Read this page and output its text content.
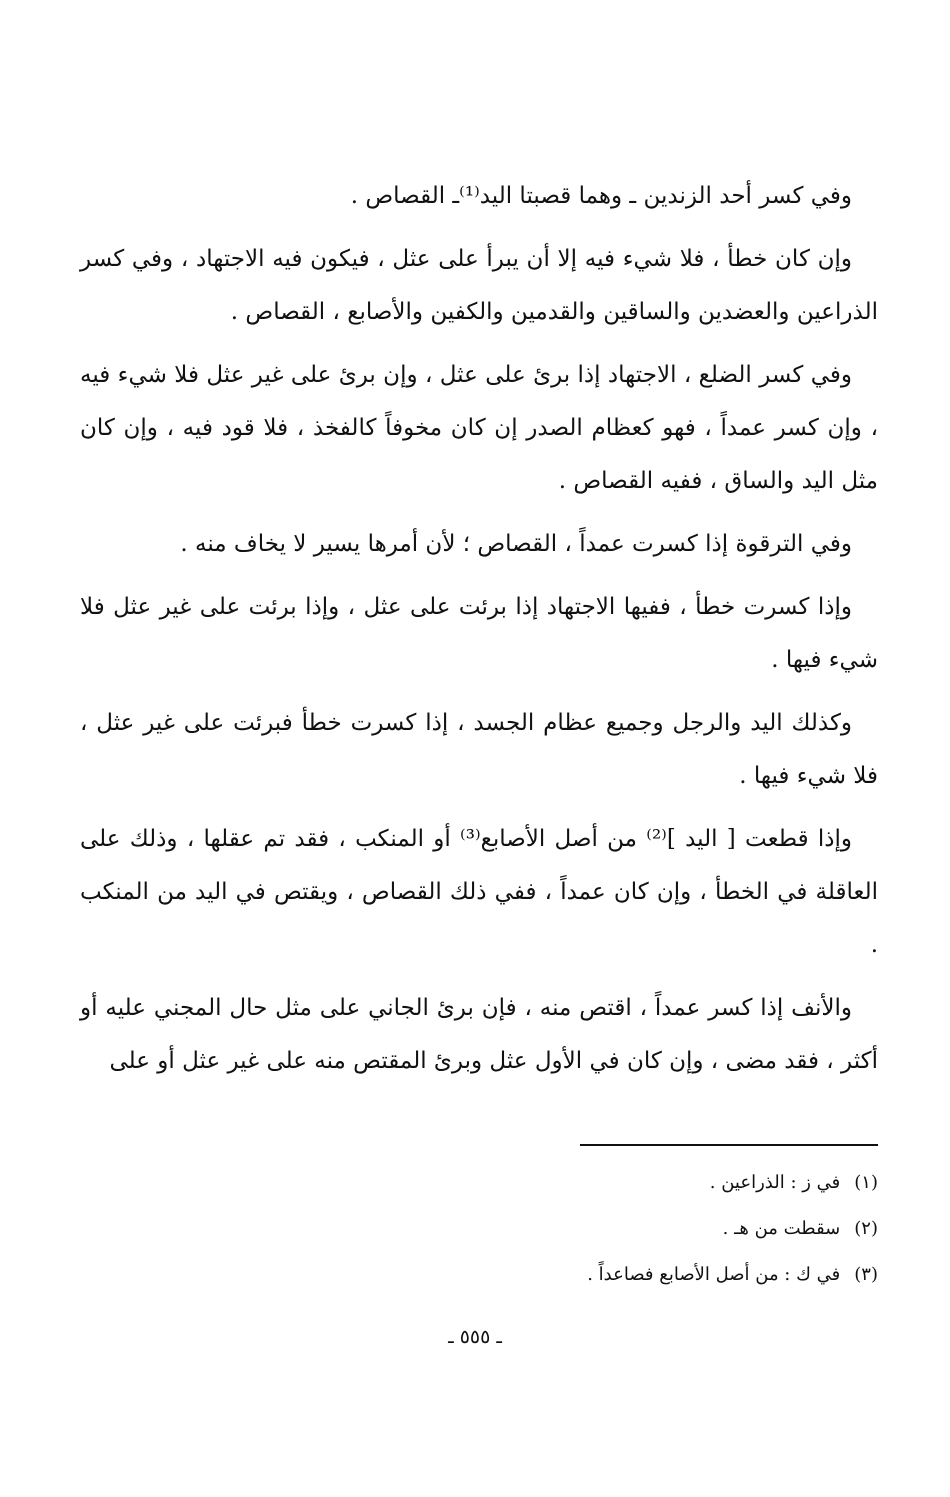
وفي كسر أحد الزندين ـ وهما قصبتا اليد⁽¹⁾ـ القصاص .

وإن كان خطأ ، فلا شيء فيه إلا أن يبرأ على عثل ، فيكون فيه الاجتهاد ، وفي كسر الذراعين والعضدين والساقين والقدمين والكفين والأصابع ، القصاص .

وفي كسر الضلع ، الاجتهاد إذا برئ على عثل ، وإن برئ على غير عثل فلا شيء فيه ، وإن كسر عمداً ، فهو كعظام الصدر إن كان مخوفاً كالفخذ ، فلا قود فيه ، وإن كان مثل اليد والساق ، ففيه القصاص .

وفي الترقوة إذا كسرت عمداً ، القصاص ؛ لأن أمرها يسير لا يخاف منه .

وإذا كسرت خطأ ، ففيها الاجتهاد إذا برئت على عثل ، وإذا برئت على غير عثل فلا شيء فيها .

وكذلك اليد والرجل وجميع عظام الجسد ، إذا كسرت خطأ فبرئت على غير عثل ، فلا شيء فيها .

وإذا قطعت [ اليد ]⁽²⁾ من أصل الأصابع⁽³⁾ أو المنكب ، فقد تم عقلها ، وذلك على العاقلة في الخطأ ، وإن كان عمداً ، ففي ذلك القصاص ، ويقتص في اليد من المنكب .

والأنف إذا كسر عمداً ، اقتص منه ، فإن برئ الجاني على مثل حال المجني عليه أو أكثر ، فقد مضى ، وإن كان في الأول عثل وبرئ المقتص منه على غير عثل أو على

(١)في ز : الذراعين .
(٢)سقطت من هـ .
(٣)في ك : من أصل الأصابع فصاعداً .
ـ ٥٥٥ ـ
